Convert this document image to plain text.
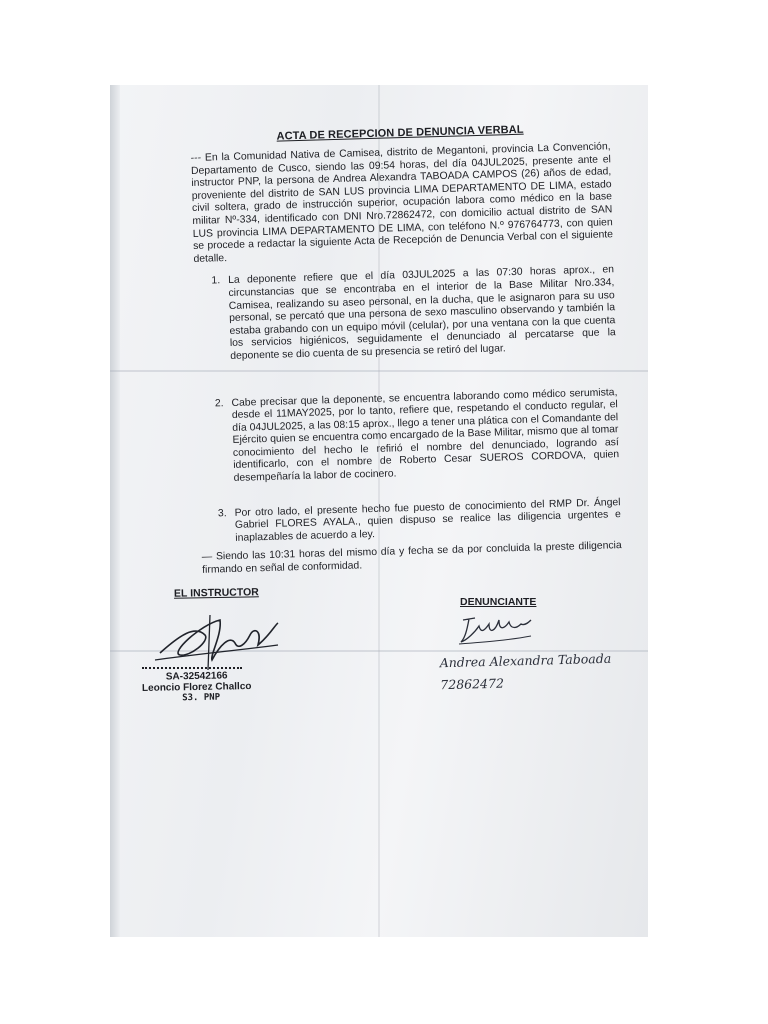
ACTA DE RECEPCION DE DENUNCIA VERBAL

--- En la Comunidad Nativa de Camisea, distrito de Megantoni, provincia La Convención, Departamento de Cusco, siendo las 09:54 horas, del día 04JUL2025, presente ante el instructor PNP, la persona de Andrea Alexandra TABOADA CAMPOS (26) años de edad, proveniente del distrito de SAN LUS provincia LIMA DEPARTAMENTO DE LIMA, estado civil soltera, grado de instrucción superior, ocupación labora como médico en la base militar Nº-334, identificado con DNI Nro.72862472, con domicilio actual distrito de SAN LUS provincia LIMA DEPARTAMENTO DE LIMA, con teléfono N.º 976764773, con quien se procede a redactar la siguiente Acta de Recepción de Denuncia Verbal con el siguiente detalle.

1. La deponente refiere que el día 03JUL2025 a las 07:30 horas aprox., en circunstancias que se encontraba en el interior de la Base Militar Nro.334, Camisea, realizando su aseo personal, en la ducha, que le asignaron para su uso personal, se percató que una persona de sexo masculino observando y también la estaba grabando con un equipo móvil (celular), por una ventana con la que cuenta los servicios higiénicos, seguidamente el denunciado al percatarse que la deponente se dio cuenta de su presencia se retiró del lugar.
2. Cabe precisar que la deponente, se encuentra laborando como médico serumista, desde el 11MAY2025, por lo tanto, refiere que, respetando el conducto regular, el día 04JUL2025, a las 08:15 aprox., llego a tener una plática con el Comandante del Ejército quien se encuentra como encargado de la Base Militar, mismo que al tomar conocimiento del hecho le refirió el nombre del denunciado, logrando así identificarlo, con el nombre de Roberto Cesar SUEROS CORDOVA, quien desempeñaría la labor de cocinero.
3. Por otro lado, el presente hecho fue puesto de conocimiento del RMP Dr. Ángel Gabriel FLORES AYALA., quien dispuso se realice las diligencia urgentes e inaplazables de acuerdo a ley.

— Siendo las 10:31 horas del mismo día y fecha se da por concluida la preste diligencia firmando en señal de conformidad.

EL INSTRUCTOR
DENUNCIANTE
SA-32542166
Leoncio Florez Challco
S3. PNP
Andrea Alexandra Taboada
72862472
